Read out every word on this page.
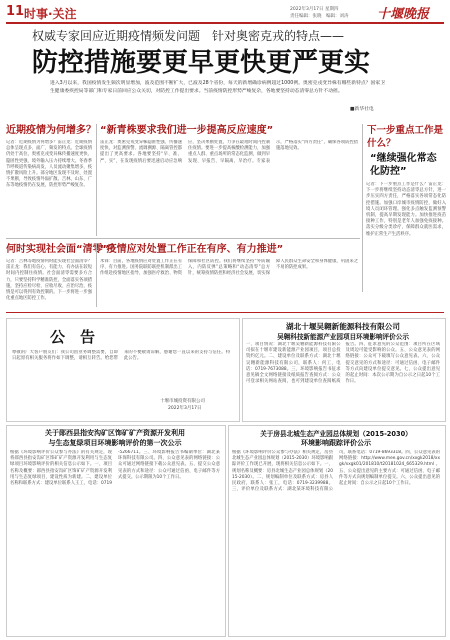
11 时事·关注	2022年3月17日 星期四
责任编辑：张晓　编辑：刘涛 十堰晚报
权威专家回应近期疫情频发问题　针对奥密克戎的特点——
防控措施要更早更快更严更实
进入3月以来，我国疫情发生频次明显增加，波及范围不断扩大，已波及28个省份，每天的新增确诊病例超过1000例。奥密克戎变异株有哪些新特点？国家卫生健康委疾控局等部门和专家日前回应公众关切，对防控工作提出要求。当前疫情防控形势严峻复杂，各地要坚持动态清零总方针不动摇。
■新华社电
近期疫情为何增多？
记者：近期疫情为何增多？雷正龙：近期疫情总体呈现点多、面广、频发的特点。全球疫情仍处于高位，奥密克戎变异株传播速度更快、隐匿性更强，境外输入压力持续增大。冬春季节呼吸道传染病高发，人员流动聚集增多，疫情扩散风险上升。部分地区发现不及时、处置不果断，导致疫情外溢扩散。吉林、山东、广东等地疫情仍在发展，防控形势严峻复杂。
“新青株要求我们进一步提高反应速度”
雷正龙：奥密克戎变异株隐匿性强、传播速度快，对监测预警、流调溯源、隔离管控都提出了更高要求。各地要坚持“早、准、严、实”，在发现疫情后要迅速启动应急响应，坚决果断处置，力争在最短时间内控制住疫情。要进一步提高核酸检测能力，加强重点人群、重点场所的常态化监测，做到早发现、早报告、早隔离、早治疗。专家表示，严格落实“四方责任”，确保各项防控措施落地见效。
下一步重点工作是什么？
“继续强化常态化防控”
记者：下一步重点工作是什么？雷正龙：下一步将继续坚持动态清零总方针，进一步压实四方责任，严格落实各项常态化防控措施。加强口岸城市疫情防控，做好入境人员闭环管理。强化多点触发监测预警机制，提高早期发现能力。加快推进疫苗接种工作，特别是老年人加强免疫接种。落实分级分类诊疗，保障群众就医需求，维护正常生产生活秩序。
何时实现社会面“清零”？
记者：吉林等地疫情何时能实现社会面清零？雷正龙：我们有信心、有能力、有办法在较短时间内控制住疫情。社会面清零需要多方合力，只要坚持科学精准防控，全面落实各项措施，坚持应检尽检、应收尽收、应治尽治，疫情是可以得到有效控制的。下一步将进一步强化重点地区防控工作。
“疫情应对处置工作正在有序、有力推进”
米锋：目前，各地疫情应对处置工作正在有序、有力推进。国务院联防联控机制派出工作组赴疫情地区指导，加强医疗救治、物资保障和社区防控。我们将继续坚持“外防输入、内防反弹”总策略和“动态清零”总方针，统筹疫情防控和经济社会发展，切实保障人民群众生命安全和身体健康，巩固来之不易的防控成果。
公　告
尊敬的广大客户朋友们：我公司因业务调整需要，自即日起原有相关服务将作如下调整，请相互转告。给您带来的不便敬请谅解，感谢您一直以来的支持与信任。特此公告。
十堰市城投资有限公司
2022年3月17日
湖北十堰吴翱新能源科技有限公司
吴翱科技新能源产业园项目环境影响评价公示
一、项目情况：湖北十堰吴翱新能源科技有限公司拟在十堰市建设新能源产业园项目，项目总投资约亿元。二、建设单位及联系方式：湖北十堰吴翱新能源科技有限公司，联系人：何工，电话：0719-7673088。三、环境影响报告书征求意见稿全文网络链接及纸质报告查阅方式：公众可登录相关网站查阅，也可到建设单位查阅纸质报告。四、征求意见的公众范围：项目所在区域及周边可能受影响的公众。五、公众意见表的网络链接：公众可下载填写公众意见表。六、公众提交意见的方式和途径：可通过信函、电子邮件等方式向建设单位提交意见。七、公众提出意见的起止时间：本次公示期为自公示之日起10个工作日。
关于郧西县指安沟矿区饰矿矿产资源开发利用
与生态复绿项目环境影响评价的第一次公示
根据《环境影响评价公众参与办法》的有关规定，现将郧西县指安沟矿区饰矿矿产资源开发利用与生态复绿项目环境影响评价的相关信息公示如下。一、项目名称及概要：郧西县指安沟矿区饰矿矿产资源开发利用与生态复绿项目，建设性质为新建。二、建设单位名称和联系方式：建设单位联系人王工，电话：0719-5266711。三、环境影响报告书编制单位：湖北某环保科技有限公司。四、公众意见表的网络链接：公众可通过网络链接下载公众意见表。五、提交公众意见表的方式和途径：公众可通过信函、电子邮件等方式提交。公示期限为10个工作日。
关于房县北城生态产业园总体规划（2015-2030）
环境影响跟踪评价公示
根据《环境影响评价公众参与办法》相关规定，房县北城生态产业园总体规划（2015-2030）环境影响跟踪评价工作现已开展，现将相关信息公示如下。一、规划名称及概要：房县北城生态产业园总体规划（2015-2030）。二、规划编制单位及联系方式：房县人民政府，联系人：张工，电话：0719-3239988。三、评价单位及联系方式：湖北某环境科技有限公司，联系电话：0719-8693318。四、公众意见表的网络链接：http://www.mee.gov.cn/xxgk2018/xxgk/xxgk01/201810/t20181024_665329.html。五、公众提出意见的主要方式：可通过信函、电子邮件等方式向规划编制单位提交。六、公众提出意见的起止时间：自公示之日起10个工作日。
